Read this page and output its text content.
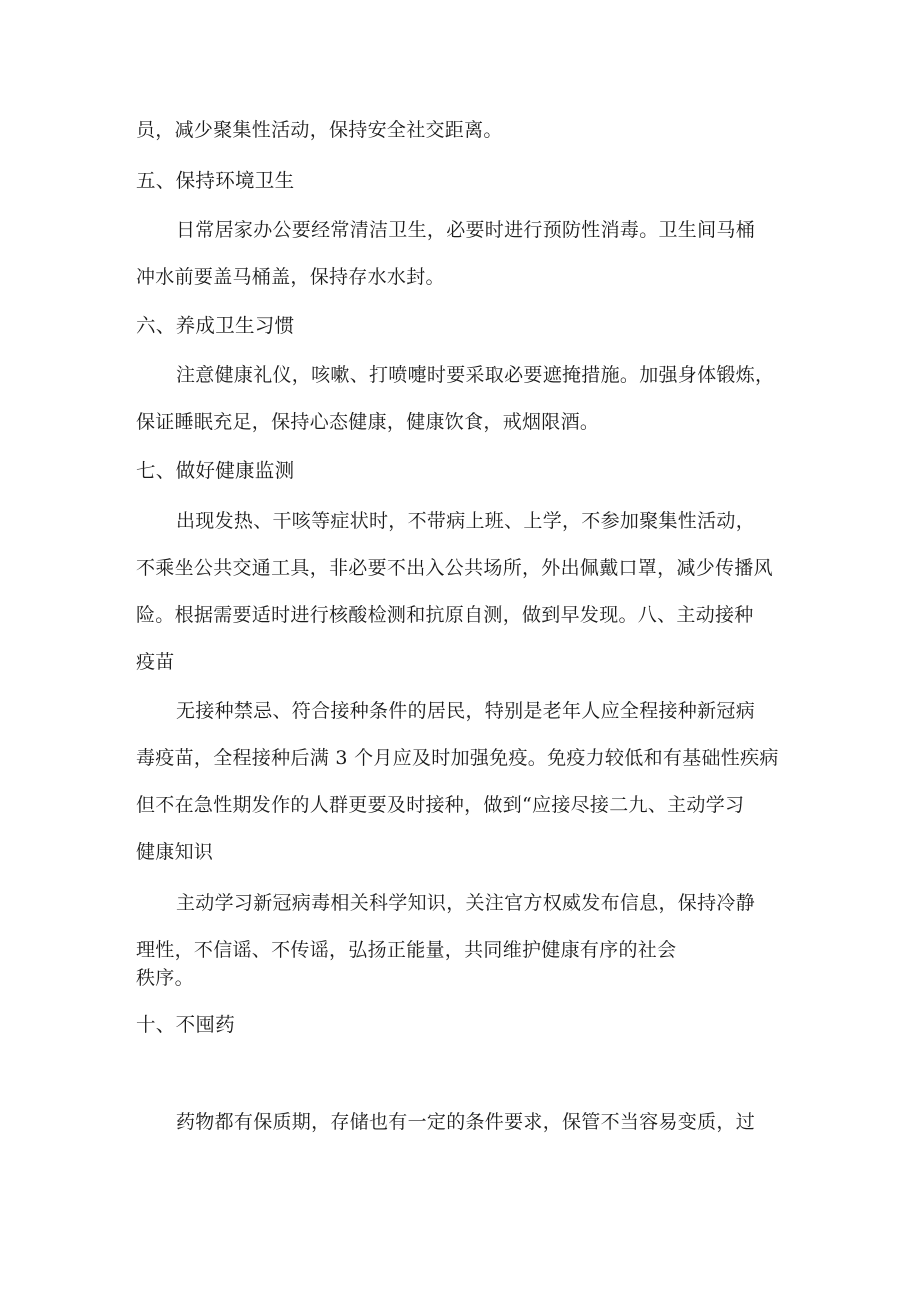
员，减少聚集性活动，保持安全社交距离。
五、保持环境卫生
日常居家办公要经常清洁卫生，必要时进行预防性消毒。卫生间马桶
冲水前要盖马桶盖，保持存水水封。
六、养成卫生习惯
注意健康礼仪，咳嗽、打喷嚏时要采取必要遮掩措施。加强身体锻炼，
保证睡眠充足，保持心态健康，健康饮食，戒烟限酒。
七、做好健康监测
出现发热、干咳等症状时，不带病上班、上学，不参加聚集性活动，
不乘坐公共交通工具，非必要不出入公共场所，外出佩戴口罩，减少传播风
险。根据需要适时进行核酸检测和抗原自测，做到早发现。八、主动接种
疫苗
无接种禁忌、符合接种条件的居民，特别是老年人应全程接种新冠病
毒疫苗，全程接种后满 3 个月应及时加强免疫。免疫力较低和有基础性疾病
但不在急性期发作的人群更要及时接种，做到“应接尽接二九、主动学习
健康知识
主动学习新冠病毒相关科学知识，关注官方权威发布信息，保持冷静
理性，不信谣、不传谣，弘扬正能量，共同维护健康有序的社会
秩序。
十、不囤药
药物都有保质期，存储也有一定的条件要求，保管不当容易变质，过
